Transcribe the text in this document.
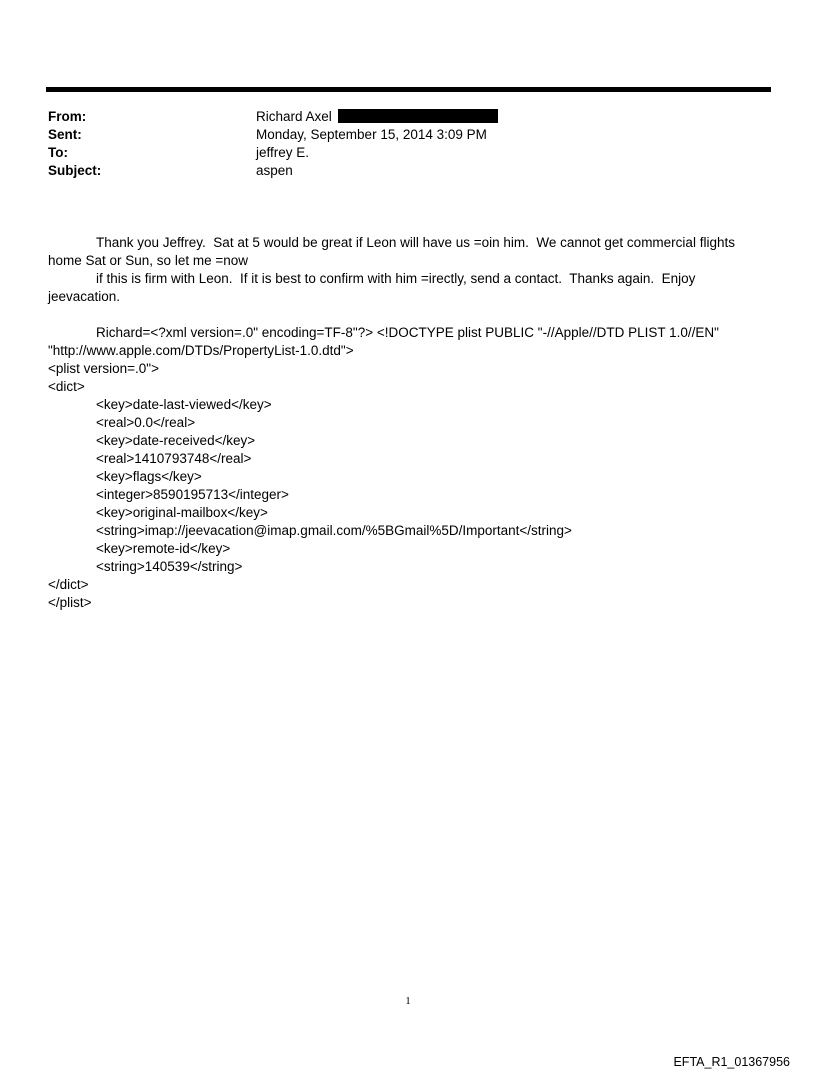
From:	Richard Axel
Sent:	Monday, September 15, 2014 3:09 PM
To:	jeffrey E.
Subject:	aspen
Thank you Jeffrey.  Sat at 5 would be great if Leon will have us =oin him.  We cannot get commercial flights
home Sat or Sun, so let me =now
if this is firm with Leon.  If it is best to confirm with him =irectly, send a contact.  Thanks again.  Enjoy
jeevacation.
Richard=<?xml version=.0" encoding=TF-8"?> <!DOCTYPE plist PUBLIC "-//Apple//DTD PLIST 1.0//EN"
"http://www.apple.com/DTDs/PropertyList-1.0.dtd">
<plist version=.0">
<dict>
<key>date-last-viewed</key>
<real>0.0</real>
<key>date-received</key>
<real>1410793748</real>
<key>flags</key>
<integer>8590195713</integer>
<key>original-mailbox</key>
<string>imap://jeevacation@imap.gmail.com/%5BGmail%5D/Important</string>
<key>remote-id</key>
<string>140539</string>
</dict>
</plist>
1
EFTA_R1_01367956
